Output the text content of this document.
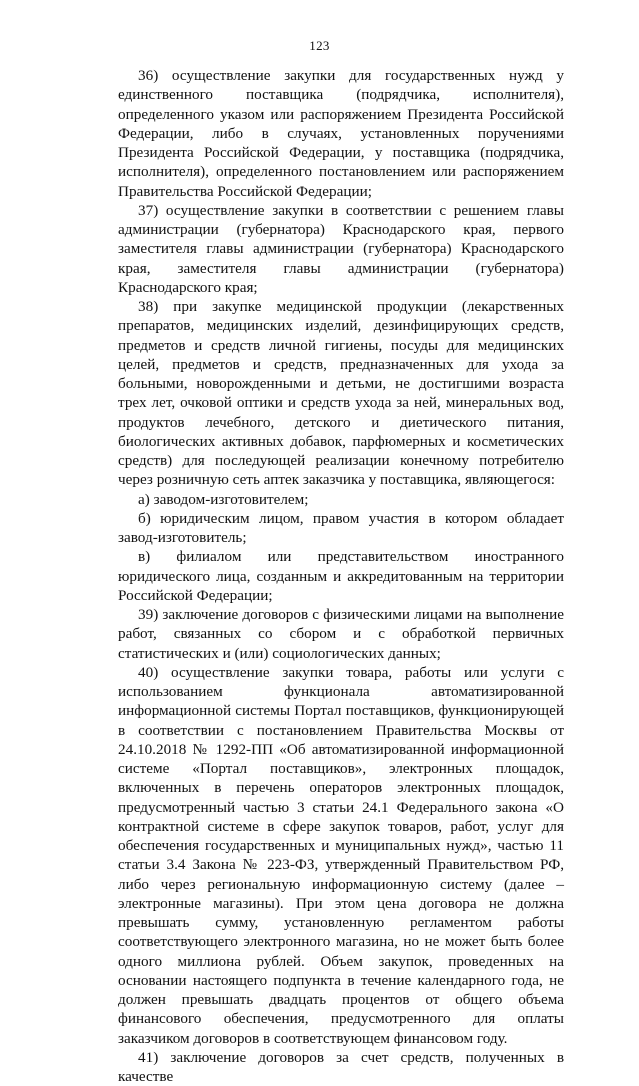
123

36) осуществление закупки для государственных нужд у единственного поставщика (подрядчика, исполнителя), определенного указом или распоряжением Президента Российской Федерации, либо в случаях, установленных поручениями Президента Российской Федерации, у поставщика (подрядчика, исполнителя), определенного постановлением или распоряжением Правительства Российской Федерации;

37) осуществление закупки в соответствии с решением главы администрации (губернатора) Краснодарского края, первого заместителя главы администрации (губернатора) Краснодарского края, заместителя главы администрации (губернатора) Краснодарского края;

38) при закупке медицинской продукции (лекарственных препаратов, медицинских изделий, дезинфицирующих средств, предметов и средств личной гигиены, посуды для медицинских целей, предметов и средств, предназначенных для ухода за больными, новорожденными и детьми, не достигшими возраста трех лет, очковой оптики и средств ухода за ней, минеральных вод, продуктов лечебного, детского и диетического питания, биологических активных добавок, парфюмерных и косметических средств) для последующей реализации конечному потребителю через розничную сеть аптек заказчика у поставщика, являющегося:

а) заводом-изготовителем;

б) юридическим лицом, правом участия в котором обладает завод-изготовитель;

в) филиалом или представительством иностранного юридического лица, созданным и аккредитованным на территории Российской Федерации;

39) заключение договоров с физическими лицами на выполнение работ, связанных со сбором и с обработкой первичных статистических и (или) социологических данных;

40) осуществление закупки товара, работы или услуги с использованием функционала автоматизированной информационной системы Портал поставщиков, функционирующей в соответствии с постановлением Правительства Москвы от 24.10.2018 № 1292-ПП «Об автоматизированной информационной системе «Портал поставщиков», электронных площадок, включенных в перечень операторов электронных площадок, предусмотренный частью 3 статьи 24.1 Федерального закона «О контрактной системе в сфере закупок товаров, работ, услуг для обеспечения государственных и муниципальных нужд», частью 11 статьи 3.4 Закона № 223-ФЗ, утвержденный Правительством РФ, либо через региональную информационную систему (далее – электронные магазины). При этом цена договора не должна превышать сумму, установленную регламентом работы соответствующего электронного магазина, но не может быть более одного миллиона рублей. Объем закупок, проведенных на основании настоящего подпункта в течение календарного года, не должен превышать двадцать процентов от общего объема финансового обеспечения, предусмотренного для оплаты заказчиком договоров в соответствующем финансовом году.

41) заключение договоров за счет средств, полученных в качестве
